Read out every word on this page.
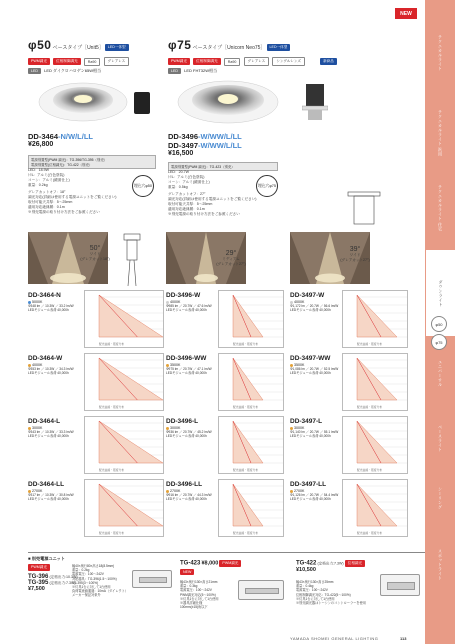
NEW
φ50 ベースタイプ［Unit5］ LED一体型
PWM調光	位相制御調光	Ra90	グレアレス
LED LED ダイクロハロゲン65W相当
DD-3464-N/W/L/LL
¥26,800
電源別置型(PWM 調光)：TG-396/TG-395（別売）
電源別置型(位相調光)：TG-422（別売）
LED：18.9W
ﾄﾘﾑ：アルミ(白色塗装)
コーン：アルミ(鏡面仕上)
重量：0.2kg
グレアカットオフ：18°
調光対応(詳細は使用する電源ユニットをご覧ください)
取付可能天井厚：5～25mm
適用対応絶縁層：0.1m
※別売電源の取り付け方法をご参照ください
埋込穴φ50
φ75 ベースタイプ［Unicorn Neo75］ LED一体型
PWM調光	位相制御調光	Ra90	グレアレス	シングルレンズ	新商品
LED LED FHT32W相当
DD-3496-W/WW/L/LL
DD-3497-W/WW/L/LL
¥16,500
電源別置型(PWM 調光)：TG-423（別売）
LED：20.7W
ﾄﾘﾑ：アルミ(白色塗装)
コーン：アルミ(鏡面仕上)
重量：0.5kg
グレアカットオフ：27°
調光対応(詳細は使用する電源ユニットをご覧ください)
取付可能天井厚：5～25mm
適用対応絶縁層：0.1m
※別売電源の取り付け方法をご参照ください
埋込穴φ75
50°
ワイド
(グレアカット18°)
29°
ミディアム
(グレアカット27°)
39°
ワイド
(グレアカット27°)
DD-3464-N
5000K
Φ348 lm ／ 10.3W ／ 33.2 lm/W
LEDモジュール寿命 40,000h
配光曲線・照度分布
DD-3464-W
4000K
Φ353 lm ／ 10.3W ／ 34.3 lm/W
LEDモジュール寿命 40,000h
配光曲線・照度分布
DD-3464-L
3000K
Φ343 lm ／ 10.3W ／ 33.3 lm/W
LEDモジュール寿命 40,000h
配光曲線・照度分布
DD-3464-LL
2700K
Φ317 lm ／ 10.3W ／ 30.8 lm/W
LEDモジュール寿命 40,000h
配光曲線・照度分布
DD-3496-W
4000K
Φ985 lm ／ 20.7W ／ 47.6 lm/W
LEDモジュール寿命 40,000h
配光曲線・照度分布
DD-3496-WW
3500K
Φ975 lm ／ 20.7W ／ 47.1 lm/W
LEDモジュール寿命 40,000h
配光曲線・照度分布
DD-3496-L
3000K
Φ936 lm ／ 20.7W ／ 45.2 lm/W
LEDモジュール寿命 40,000h
配光曲線・照度分布
DD-3496-LL
2700K
Φ916 lm ／ 20.7W ／ 44.3 lm/W
LEDモジュール寿命 40,000h
配光曲線・照度分布
DD-3497-W
4000K
Φ1,172 lm ／ 20.7W ／ 56.6 lm/W
LEDモジュール寿命 40,000h
配光曲線・照度分布
DD-3497-WW
3500K
Φ1,086 lm ／ 20.7W ／ 52.5 lm/W
LEDモジュール寿命 40,000h
配光曲線・照度分布
DD-3497-L
3000K
Φ1,140 lm ／ 20.7W ／ 55.1 lm/W
LEDモジュール寿命 40,000h
配光曲線・照度分布
DD-3497-LL
2700K
Φ1,126 lm ／ 20.7W ／ 54.4 lm/W
LEDモジュール寿命 40,000h
配光曲線・照度分布
■ 別売電源ユニット
PWM調光
TG-396 (定格出力:10.3W)
TG-395 (定格出力:7.3W)
¥7,500
幅40×奥行80×高さ18(8.5mm)
重量：0.2kg
電源電圧：100～242V
対応器具：TG-396(1.5～100%)
TG-395(3～100%)
※灯具1台に対して1台使用
負荷電流値通過：10mA（ダイレクト）
メーカー保証対象外
TG-423 ¥8,000 PWM調光
NEW
幅43×奥行130×高さ21mm
重量：0.3kg
電源電圧：100～242V
PWM調光対応(5～100%)
※灯具1台に対して1台使用
※器具詳細仕様
100mm(±15)角以下
TG-422 (定格出力:7.3W) 位相調光
¥10,500
幅43×奥行130×高さ25mm
重量：0.4kg
電源電圧：100～242V
位相制御調光対応：TG-422(5～100%)
※灯具1台に対して1台使用
※別売調光器はトーシンのコントローラーを使用
YAMADA SHOMEI GENERAL LIGHTING	113
テクニカルライト
テクニカルライト 汎用
テクニカルライト 住宅
ダウンライト
ユニバーサル
ベースライト
シーリング
スポットライト
φ50
φ75
